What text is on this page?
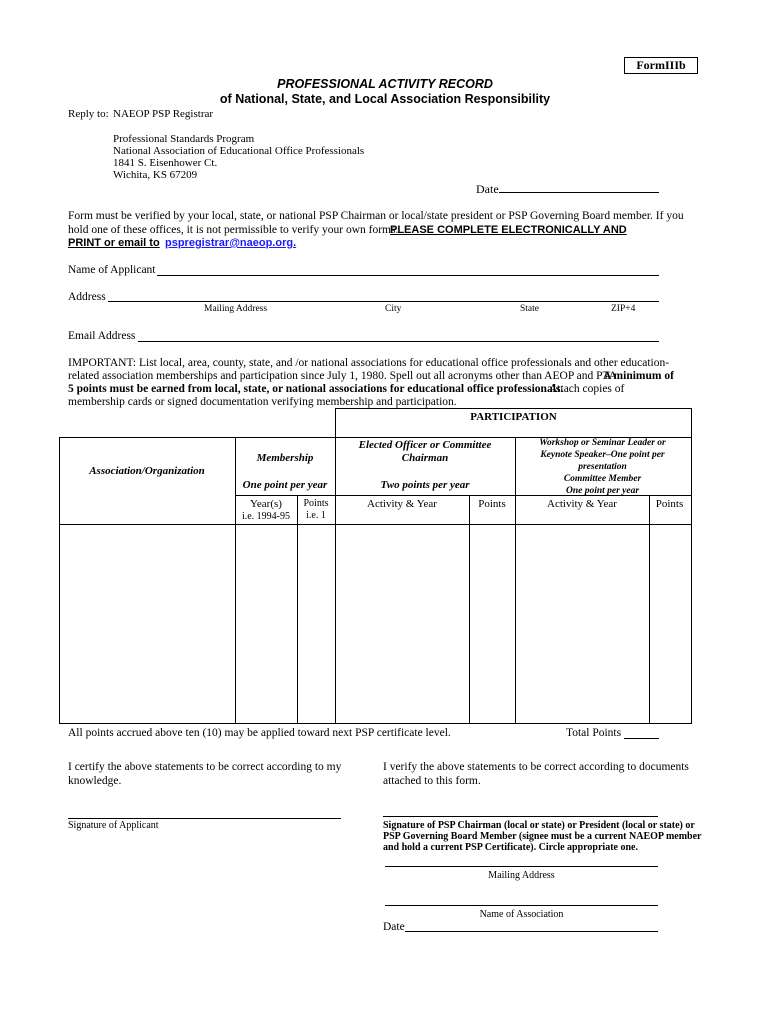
FormIIIb
PROFESSIONAL ACTIVITY RECORD
of National, State, and Local Association Responsibility
Reply to: NAEOP PSP Registrar
Professional Standards Program
National Association of Educational Office Professionals
1841 S. Eisenhower Ct.
Wichita, KS 67209
Date
Form must be verified by your local, state, or national PSP Chairman or local/state president or PSP Governing Board member. If you
hold one of these offices, it is not permissible to verify your own forms.
PLEASE COMPLETE ELECTRONICALLY AND
PRINT or email to pspregistrar@naeop.org.
Name of Applicant
Address
Mailing Address	City	State	ZIP+4
Email Address
IMPORTANT: List local, area, county, state, and /or national associations for educational office professionals and other education-
related association memberships and participation since July 1, 1980. Spell out all acronyms other than AEOP and PTA.
A minimum of
5 points must be earned from local, state, or national associations for educational office professionals.
Attach copies of
membership cards or signed documentation verifying membership and participation.
PARTICIPATION
Association/Organization
Membership
One point per year
Elected Officer or Committee
Chairman
Two points per year
Workshop or Seminar Leader or
Keynote Speaker–One point per
presentation
Committee Member
One point per year
Year(s)
i.e. 1994-95
Points
i.e. 1
Activity & Year	Points	Activity & Year	Points
All points accrued above ten (10) may be applied toward next PSP certificate level.	Total Points
I certify the above statements to be correct according to my
knowledge.
I verify the above statements to be correct according to documents
attached to this form.
Signature of Applicant	Signature of PSP Chairman (local or state) or President (local or state) or
PSP Governing Board Member (signee must be a current NAEOP member
and hold a current PSP Certificate). Circle appropriate one.
Mailing Address
Name of Association
Date
